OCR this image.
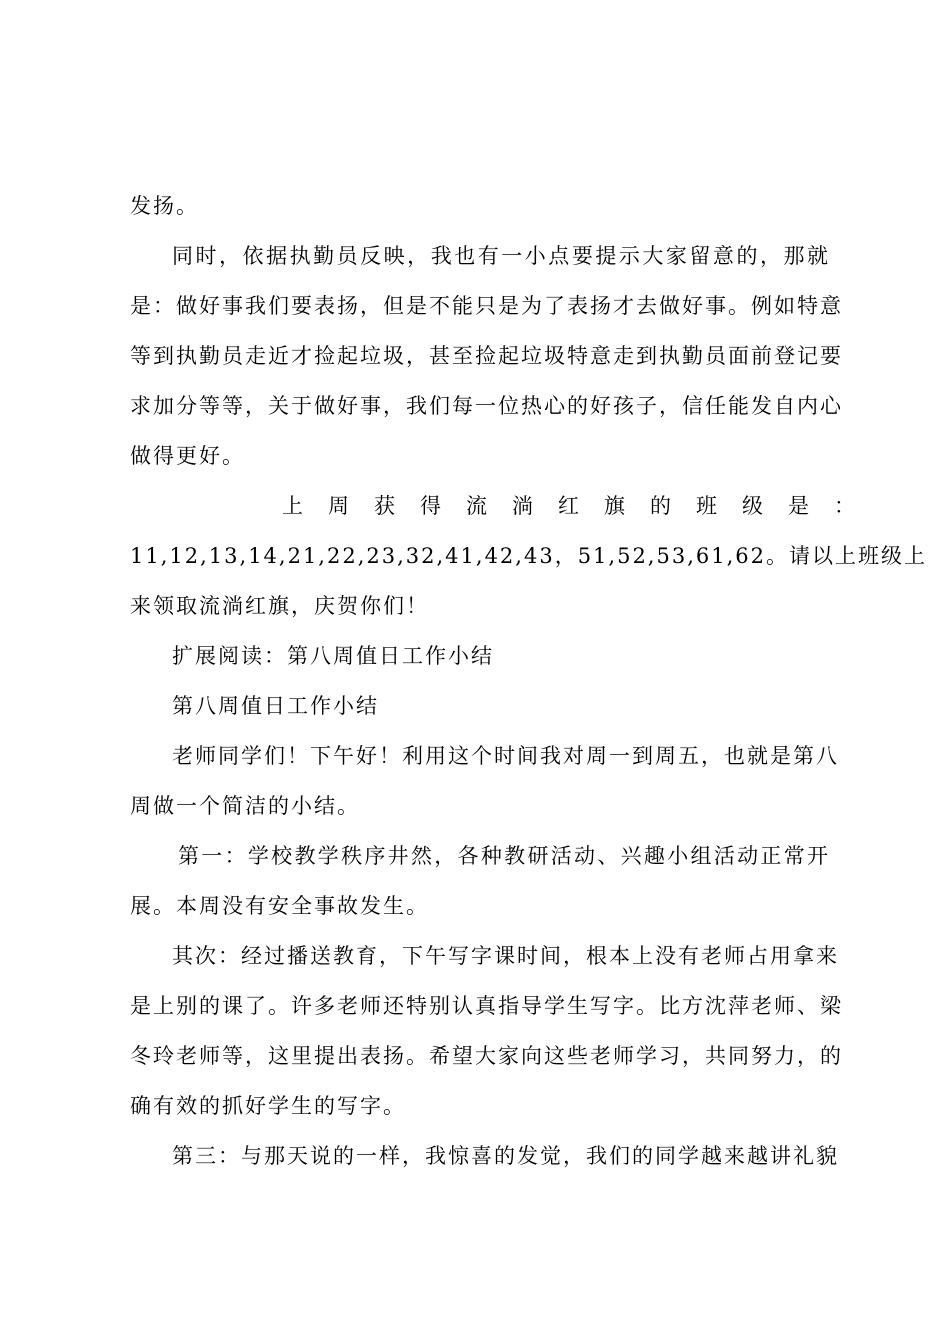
发扬。
同时，依据执勤员反映，我也有一小点要提示大家留意的，那就
是：做好事我们要表扬，但是不能只是为了表扬才去做好事。例如特意
等到执勤员走近才捡起垃圾，甚至捡起垃圾特意走到执勤员面前登记要
求加分等等，关于做好事，我们每一位热心的好孩子，信任能发自内心
做得更好。
上　周　获　得　流　淌　红　旗　的　班　级　是　：
11,12,13,14,21,22,23,32,41,42,43，51,52,53,61,62。请以上班级上
来领取流淌红旗，庆贺你们！
扩展阅读：第八周值日工作小结
第八周值日工作小结
老师同学们！下午好！利用这个时间我对周一到周五，也就是第八
周做一个简洁的小结。
第一：学校教学秩序井然，各种教研活动、兴趣小组活动正常开
展。本周没有安全事故发生。
其次：经过播送教育，下午写字课时间，根本上没有老师占用拿来
是上别的课了。许多老师还特别认真指导学生写字。比方沈萍老师、梁
冬玲老师等，这里提出表扬。希望大家向这些老师学习，共同努力，的
确有效的抓好学生的写字。
第三：与那天说的一样，我惊喜的发觉，我们的同学越来越讲礼貌
